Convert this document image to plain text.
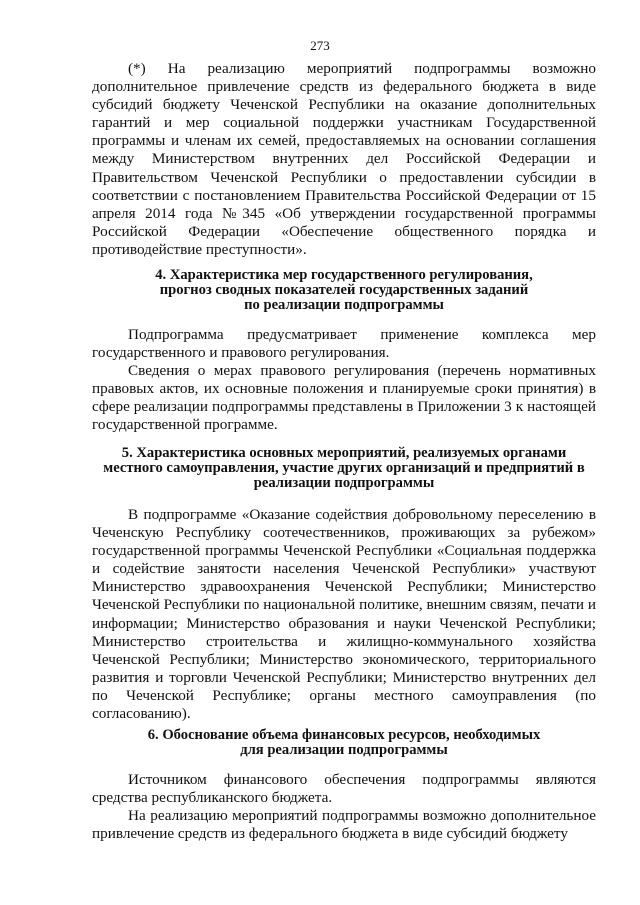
273

(*) На реализацию мероприятий подпрограммы возможно дополнительное привлечение средств из федерального бюджета в виде субсидий бюджету Чеченской Республики на оказание дополнительных гарантий и мер социальной поддержки участникам Государственной программы и членам их семей, предоставляемых на основании соглашения между Министерством внутренних дел Российской Федерации и Правительством Чеченской Республики о предоставлении субсидии в соответствии с постановлением Правительства Российской Федерации от 15 апреля 2014 года №345 «Об утверждении государственной программы Российской Федерации «Обеспечение общественного порядка и противодействие преступности».

4. Характеристика мер государственного регулирования,
прогноз сводных показателей государственных заданий
по реализации подпрограммы

Подпрограмма предусматривает применение комплекса мер государственного и правового регулирования.

Сведения о мерах правового регулирования (перечень нормативных правовых актов, их основные положения и планируемые сроки принятия) в сфере реализации подпрограммы представлены в Приложении 3 к настоящей государственной программе.

5. Характеристика основных мероприятий, реализуемых органами
местного самоуправления, участие других организаций и предприятий в
реализации подпрограммы

В подпрограмме «Оказание содействия добровольному переселению в Чеченскую Республику соотечественников, проживающих за рубежом» государственной программы Чеченской Республики «Социальная поддержка и содействие занятости населения Чеченской Республики» участвуют Министерство здравоохранения Чеченской Республики; Министерство Чеченской Республики по национальной политике, внешним связям, печати и информации; Министерство образования и науки Чеченской Республики; Министерство строительства и жилищно-коммунального хозяйства Чеченской Республики; Министерство экономического, территориального развития и торговли Чеченской Республики; Министерство внутренних дел по Чеченской Республике; органы местного самоуправления (по согласованию).

6. Обоснование объема финансовых ресурсов, необходимых
для реализации подпрограммы

Источником финансового обеспечения подпрограммы являются средства республиканского бюджета.

На реализацию мероприятий подпрограммы возможно дополнительное привлечение средств из федерального бюджета в виде субсидий бюджету
